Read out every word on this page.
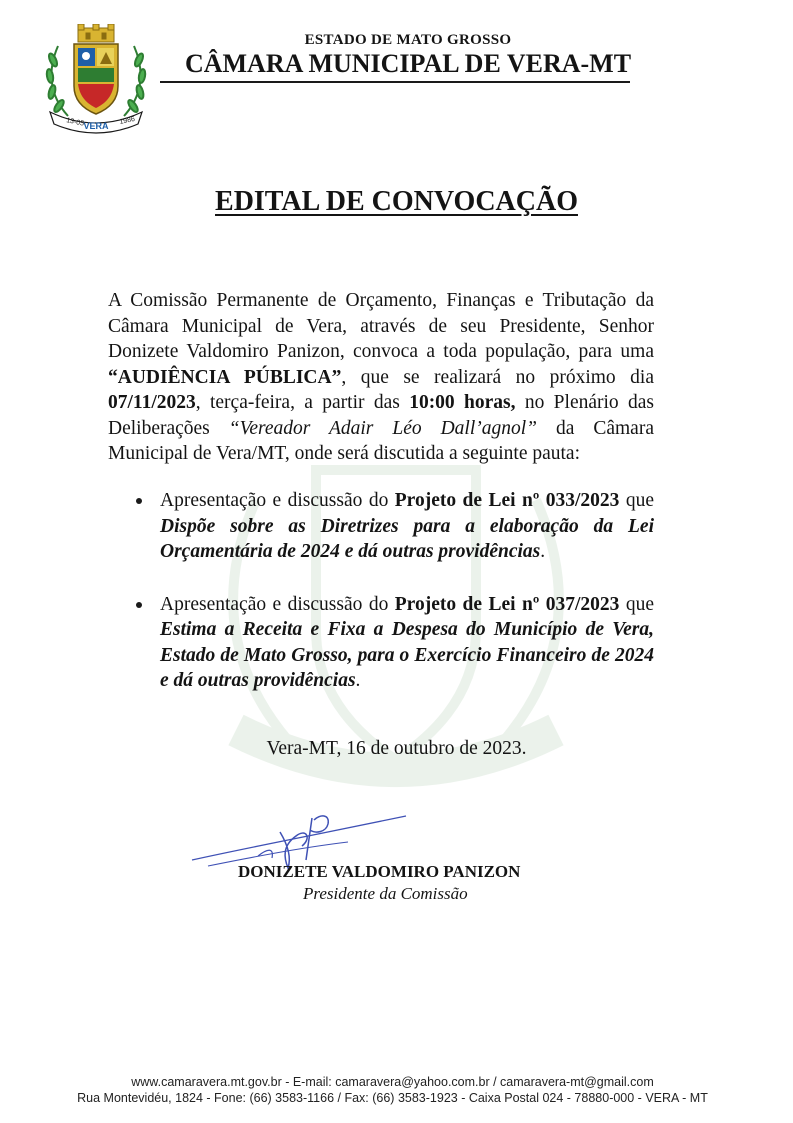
13-05
VERA
1986
ESTADO DE MATO GROSSO
CÂMARA MUNICIPAL DE VERA-MT
EDITAL DE CONVOCAÇÃO
A Comissão Permanente de Orçamento, Finanças e Tributação da Câmara Municipal de Vera, através de seu Presidente, Senhor Donizete Valdomiro Panizon, convoca a toda população, para uma “AUDIÊNCIA PÚBLICA”, que se realizará no próximo dia 07/11/2023, terça-feira, a partir das 10:00 horas, no Plenário das Deliberações “Vereador Adair Léo Dall’agnol” da Câmara Municipal de Vera/MT, onde será discutida a seguinte pauta:
Apresentação e discussão do Projeto de Lei nº 033/2023 que Dispõe sobre as Diretrizes para a elaboração da Lei Orçamentária de 2024 e dá outras providências.
Apresentação e discussão do Projeto de Lei nº 037/2023 que Estima a Receita e Fixa a Despesa do Município de Vera, Estado de Mato Grosso, para o Exercício Financeiro de 2024 e dá outras providências.
Vera-MT, 16 de outubro de 2023.
DONIZETE VALDOMIRO PANIZON
Presidente da Comissão
www.camaravera.mt.gov.br - E-mail: camaravera@yahoo.com.br / camaravera-mt@gmail.com
Rua Montevidéu, 1824 - Fone: (66) 3583-1166 / Fax: (66) 3583-1923 - Caixa Postal 024 - 78880-000 - VERA - MT
